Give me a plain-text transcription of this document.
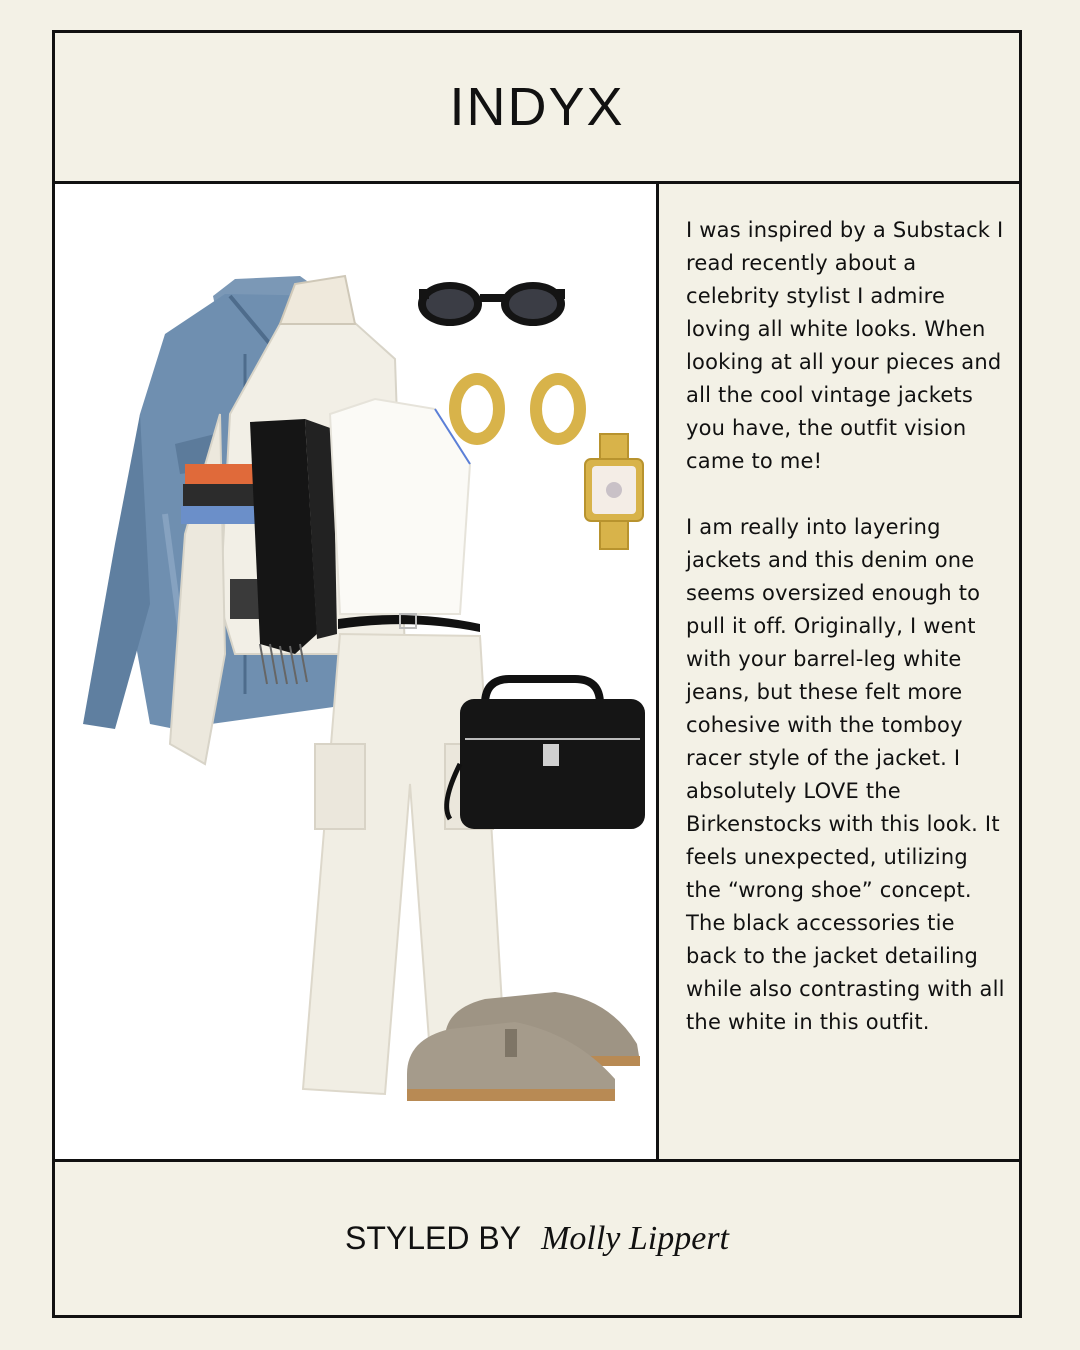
INDYX

I was inspired by a Substack I read recently about a celebrity stylist I admire loving all white looks. When looking at all your pieces and all the cool vintage jackets you have, the outfit vision came to me!

I am really into layering jackets and this denim one seems oversized enough to pull it off. Originally, I went with your barrel-leg white jeans, but these felt more cohesive with the tomboy racer style of the jacket. I absolutely LOVE the Birkenstocks with this look. It feels unexpected, utilizing the “wrong shoe” concept. The black accessories tie back to the jacket detailing while also contrasting with all the white in this outfit.

STYLED BY Molly Lippert
